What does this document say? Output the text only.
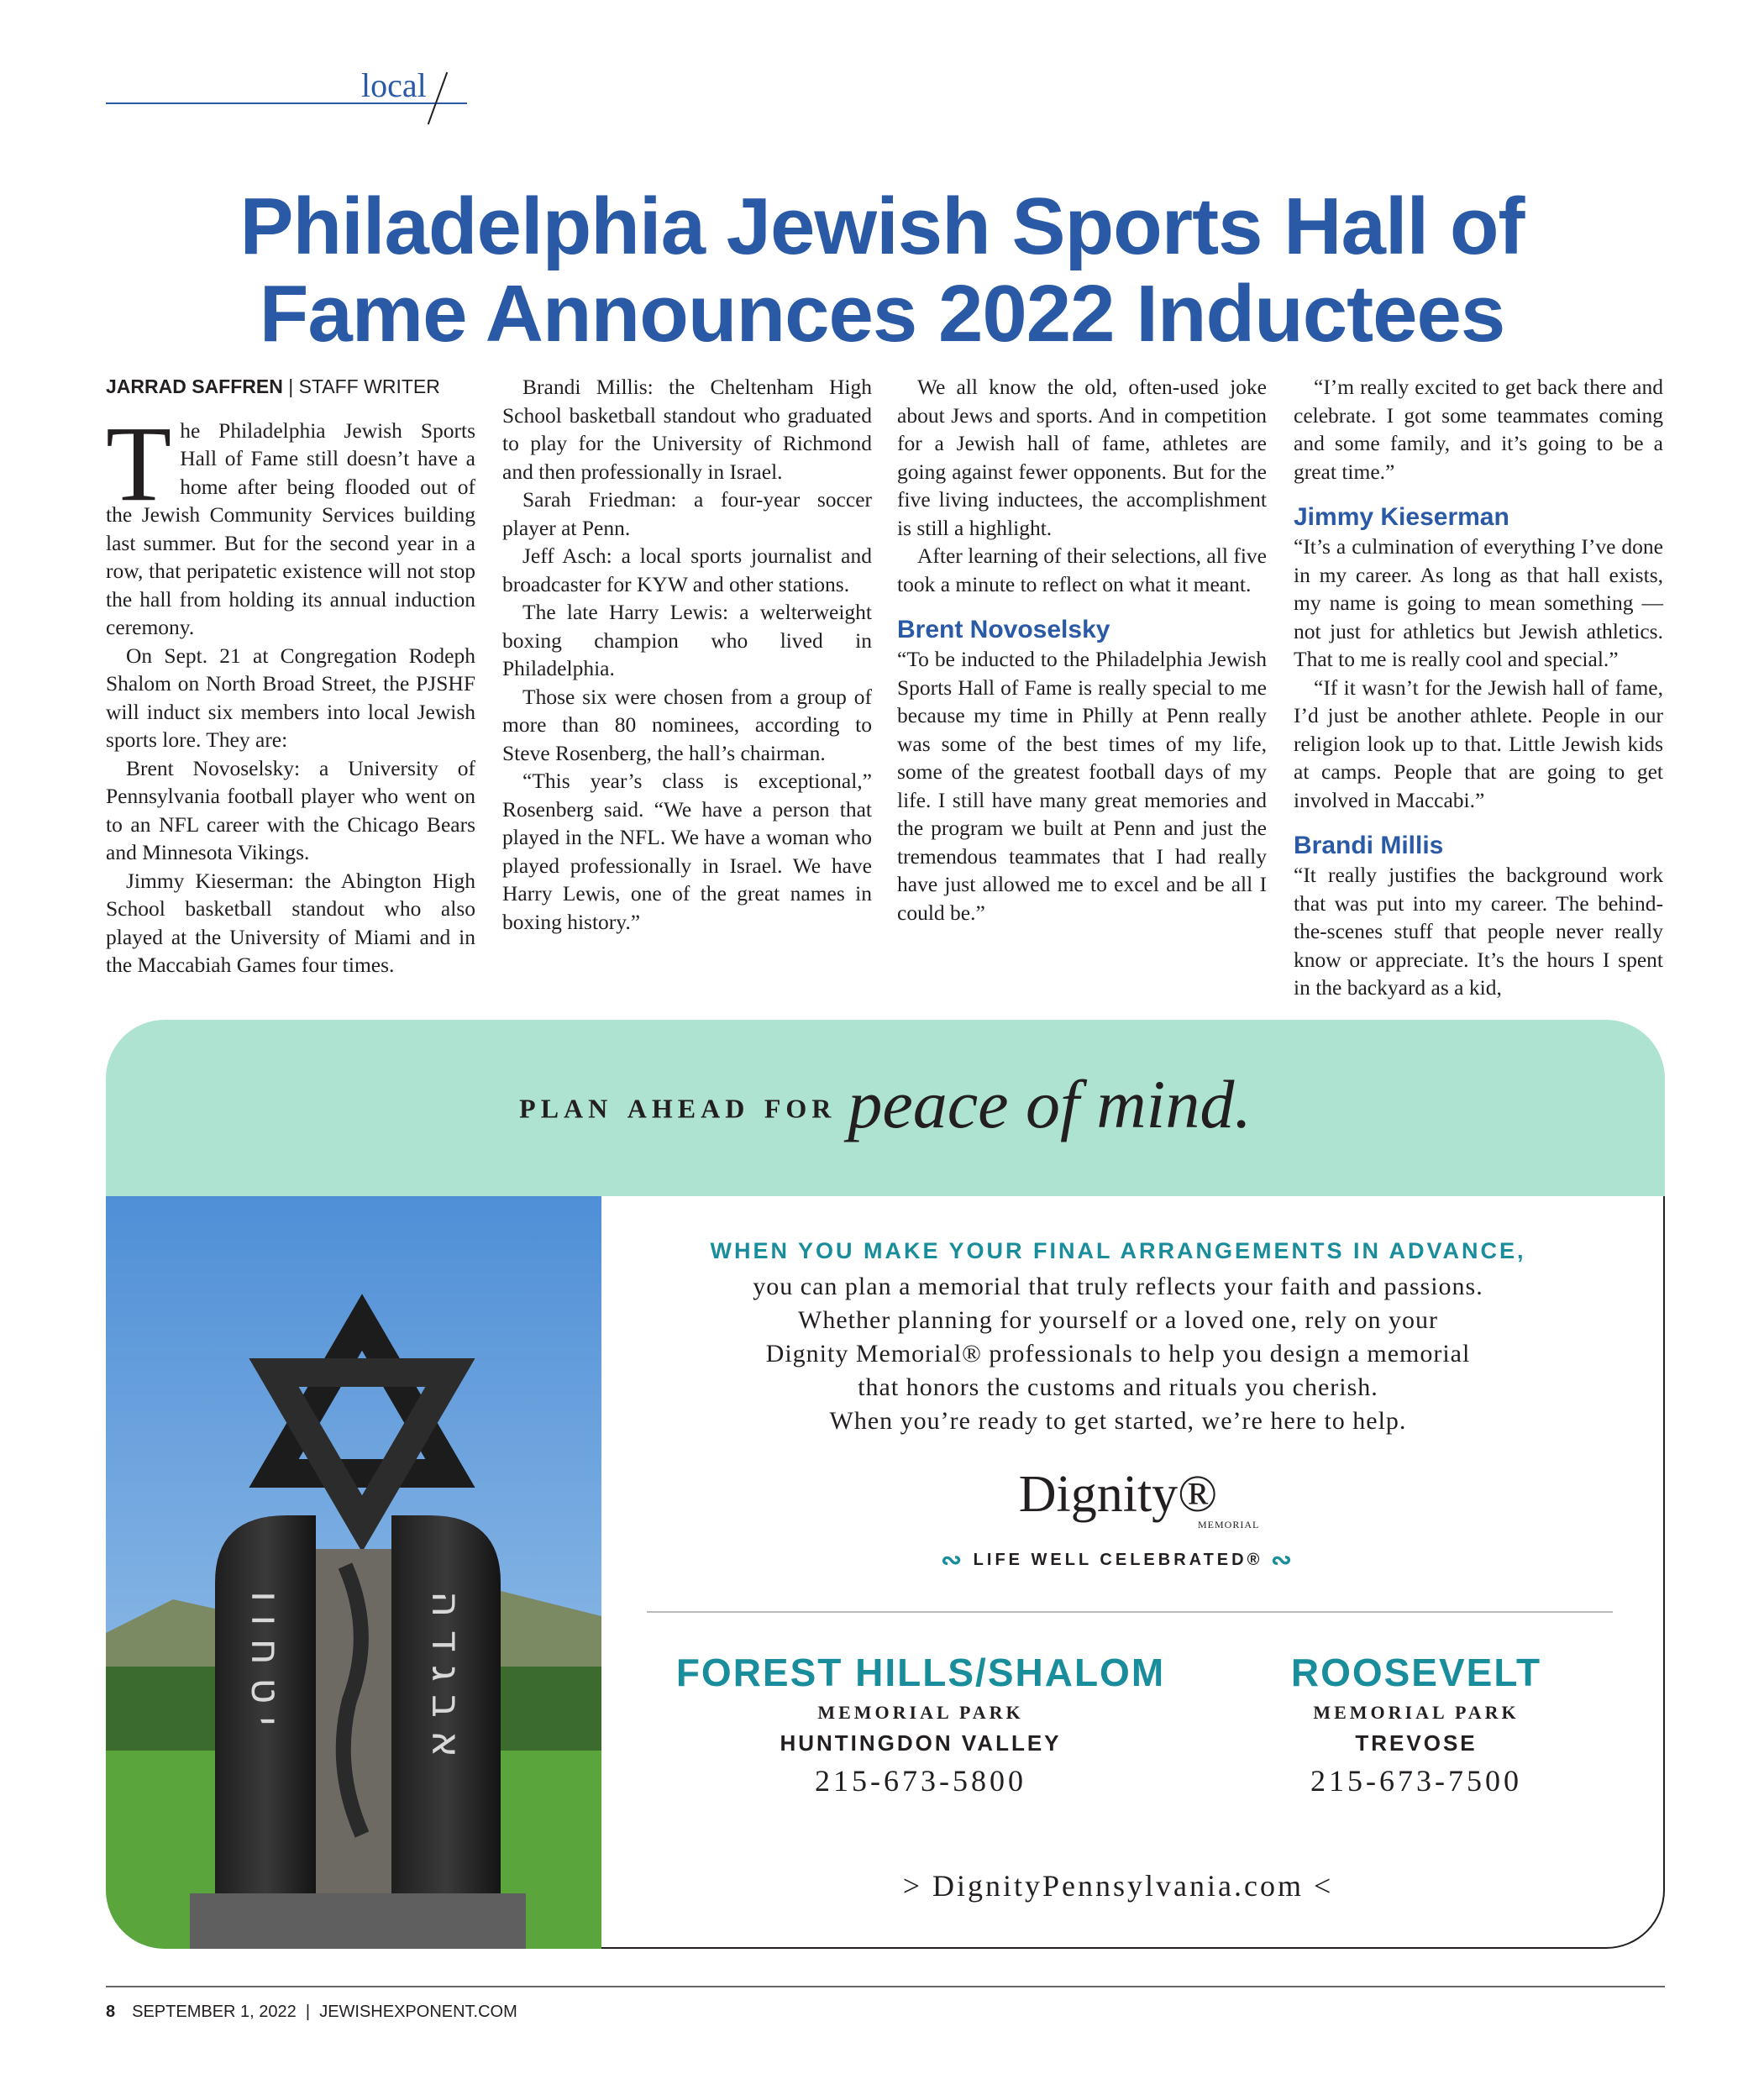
local
Philadelphia Jewish Sports Hall of
Fame Announces 2022 Inductees
JARRAD SAFFREN | STAFF WRITER

The Philadelphia Jewish Sports Hall of Fame still doesn’t have a home after being flooded out of the Jewish Community Services building last summer. But for the second year in a row, that peripatetic existence will not stop the hall from holding its annual induction ceremony.

On Sept. 21 at Congregation Rodeph Shalom on North Broad Street, the PJSHF will induct six members into local Jewish sports lore. They are:

Brent Novoselsky: a University of Pennsylvania football player who went on to an NFL career with the Chicago Bears and Minnesota Vikings.

Jimmy Kieserman: the Abington High School basketball standout who also played at the University of Miami and in the Maccabiah Games four times.

Brandi Millis: the Cheltenham High School basketball standout who graduated to play for the University of Richmond and then professionally in Israel.

Sarah Friedman: a four-year soccer player at Penn.

Jeff Asch: a local sports journalist and broadcaster for KYW and other stations.

The late Harry Lewis: a welterweight boxing champion who lived in Philadelphia.

Those six were chosen from a group of more than 80 nominees, according to Steve Rosenberg, the hall’s chairman.

“This year’s class is exceptional,” Rosenberg said. “We have a person that played in the NFL. We have a woman who played professionally in Israel. We have Harry Lewis, one of the great names in boxing history.”

We all know the old, often-used joke about Jews and sports. And in competition for a Jewish hall of fame, athletes are going against fewer opponents. But for the five living inductees, the accomplishment is still a highlight.

After learning of their selections, all five took a minute to reflect on what it meant.

Brent Novoselsky

“To be inducted to the Philadelphia Jewish Sports Hall of Fame is really special to me because my time in Philly at Penn really was some of the best times of my life, some of the greatest football days of my life. I still have many great memories and the program we built at Penn and just the tremendous teammates that I had really have just allowed me to excel and be all I could be.”

“I’m really excited to get back there and celebrate. I got some teammates coming and some family, and it’s going to be a great time.”

Jimmy Kieserman

“It’s a culmination of everything I’ve done in my career. As long as that hall exists, my name is going to mean something — not just for athletics but Jewish athletics. That to me is really cool and special.”

“If it wasn’t for the Jewish hall of fame, I’d just be another athlete. People in our religion look up to that. Little Jewish kids at camps. People that are going to get involved in Maccabi.”

Brandi Millis

“It really justifies the background work that was put into my career. The behind-the-scenes stuff that people never really know or appreciate. It’s the hours I spent in the backyard as a kid,

plan ahead for peace of mind.
י ט ח ו ו	א ב ג ד ה
WHEN YOU MAKE YOUR FINAL ARRANGEMENTS IN ADVANCE,
you can plan a memorial that truly reflects your faith and passions.
Whether planning for yourself or a loved one, rely on your
Dignity Memorial® professionals to help you design a memorial
that honors the customs and rituals you cherish.
When you’re ready to get started, we’re here to help.
Dignity®
MEMORIAL
∾ LIFE WELL CELEBRATED® ∾
FOREST HILLS/SHALOM
MEMORIAL PARK
HUNTINGDON VALLEY
215-673-5800
ROOSEVELT
MEMORIAL PARK
TREVOSE
215-673-7500
> DignityPennsylvania.com <
8 SEPTEMBER 1, 2022  |  JEWISHEXPONENT.COM
